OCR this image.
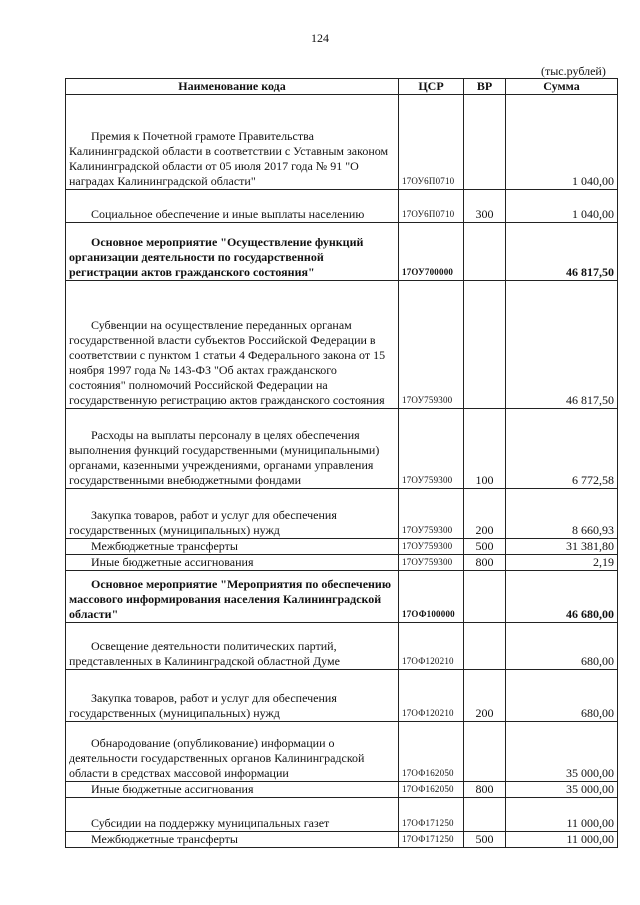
124
(тыс.рублей)
Наименование кода	ЦСР	ВР	Сумма
Премия к Почетной грамоте Правительства Калининградской области в соответствии с Уставным законом Калининградской области от 05 июля 2017 года № 91 "О наградах Калининградской области"	17ОУ6П0710		1 040,00
Социальное обеспечение и иные выплаты населению	17ОУ6П0710	300	1 040,00
Основное мероприятие "Осуществление функций организации деятельности по государственной регистрации актов гражданского состояния"	17ОУ700000		46 817,50
Субвенции на осуществление переданных органам государственной власти субъектов Российской Федерации в соответствии с пунктом 1 статьи 4 Федерального закона от 15 ноября 1997 года № 143-ФЗ "Об актах гражданского состояния" полномочий Российской Федерации на государственную регистрацию актов гражданского состояния	17ОУ759300		46 817,50
Расходы на выплаты персоналу в целях обеспечения выполнения функций государственными (муниципальными) органами, казенными учреждениями, органами управления государственными внебюджетными фондами	17ОУ759300	100	6 772,58
Закупка товаров, работ и услуг для обеспечения государственных (муниципальных) нужд	17ОУ759300	200	8 660,93
Межбюджетные трансферты	17ОУ759300	500	31 381,80
Иные бюджетные ассигнования	17ОУ759300	800	2,19
Основное мероприятие "Мероприятия по обеспечению массового информирования населения Калининградской области"	17ОФ100000		46 680,00
Освещение деятельности политических партий, представленных в Калининградской областной Думе	17ОФ120210		680,00
Закупка товаров, работ и услуг для обеспечения государственных (муниципальных) нужд	17ОФ120210	200	680,00
Обнародование (опубликование) информации о деятельности государственных органов Калининградской области в средствах массовой информации	17ОФ162050		35 000,00
Иные бюджетные ассигнования	17ОФ162050	800	35 000,00
Субсидии на поддержку муниципальных газет	17ОФ171250		11 000,00
Межбюджетные трансферты	17ОФ171250	500	11 000,00
